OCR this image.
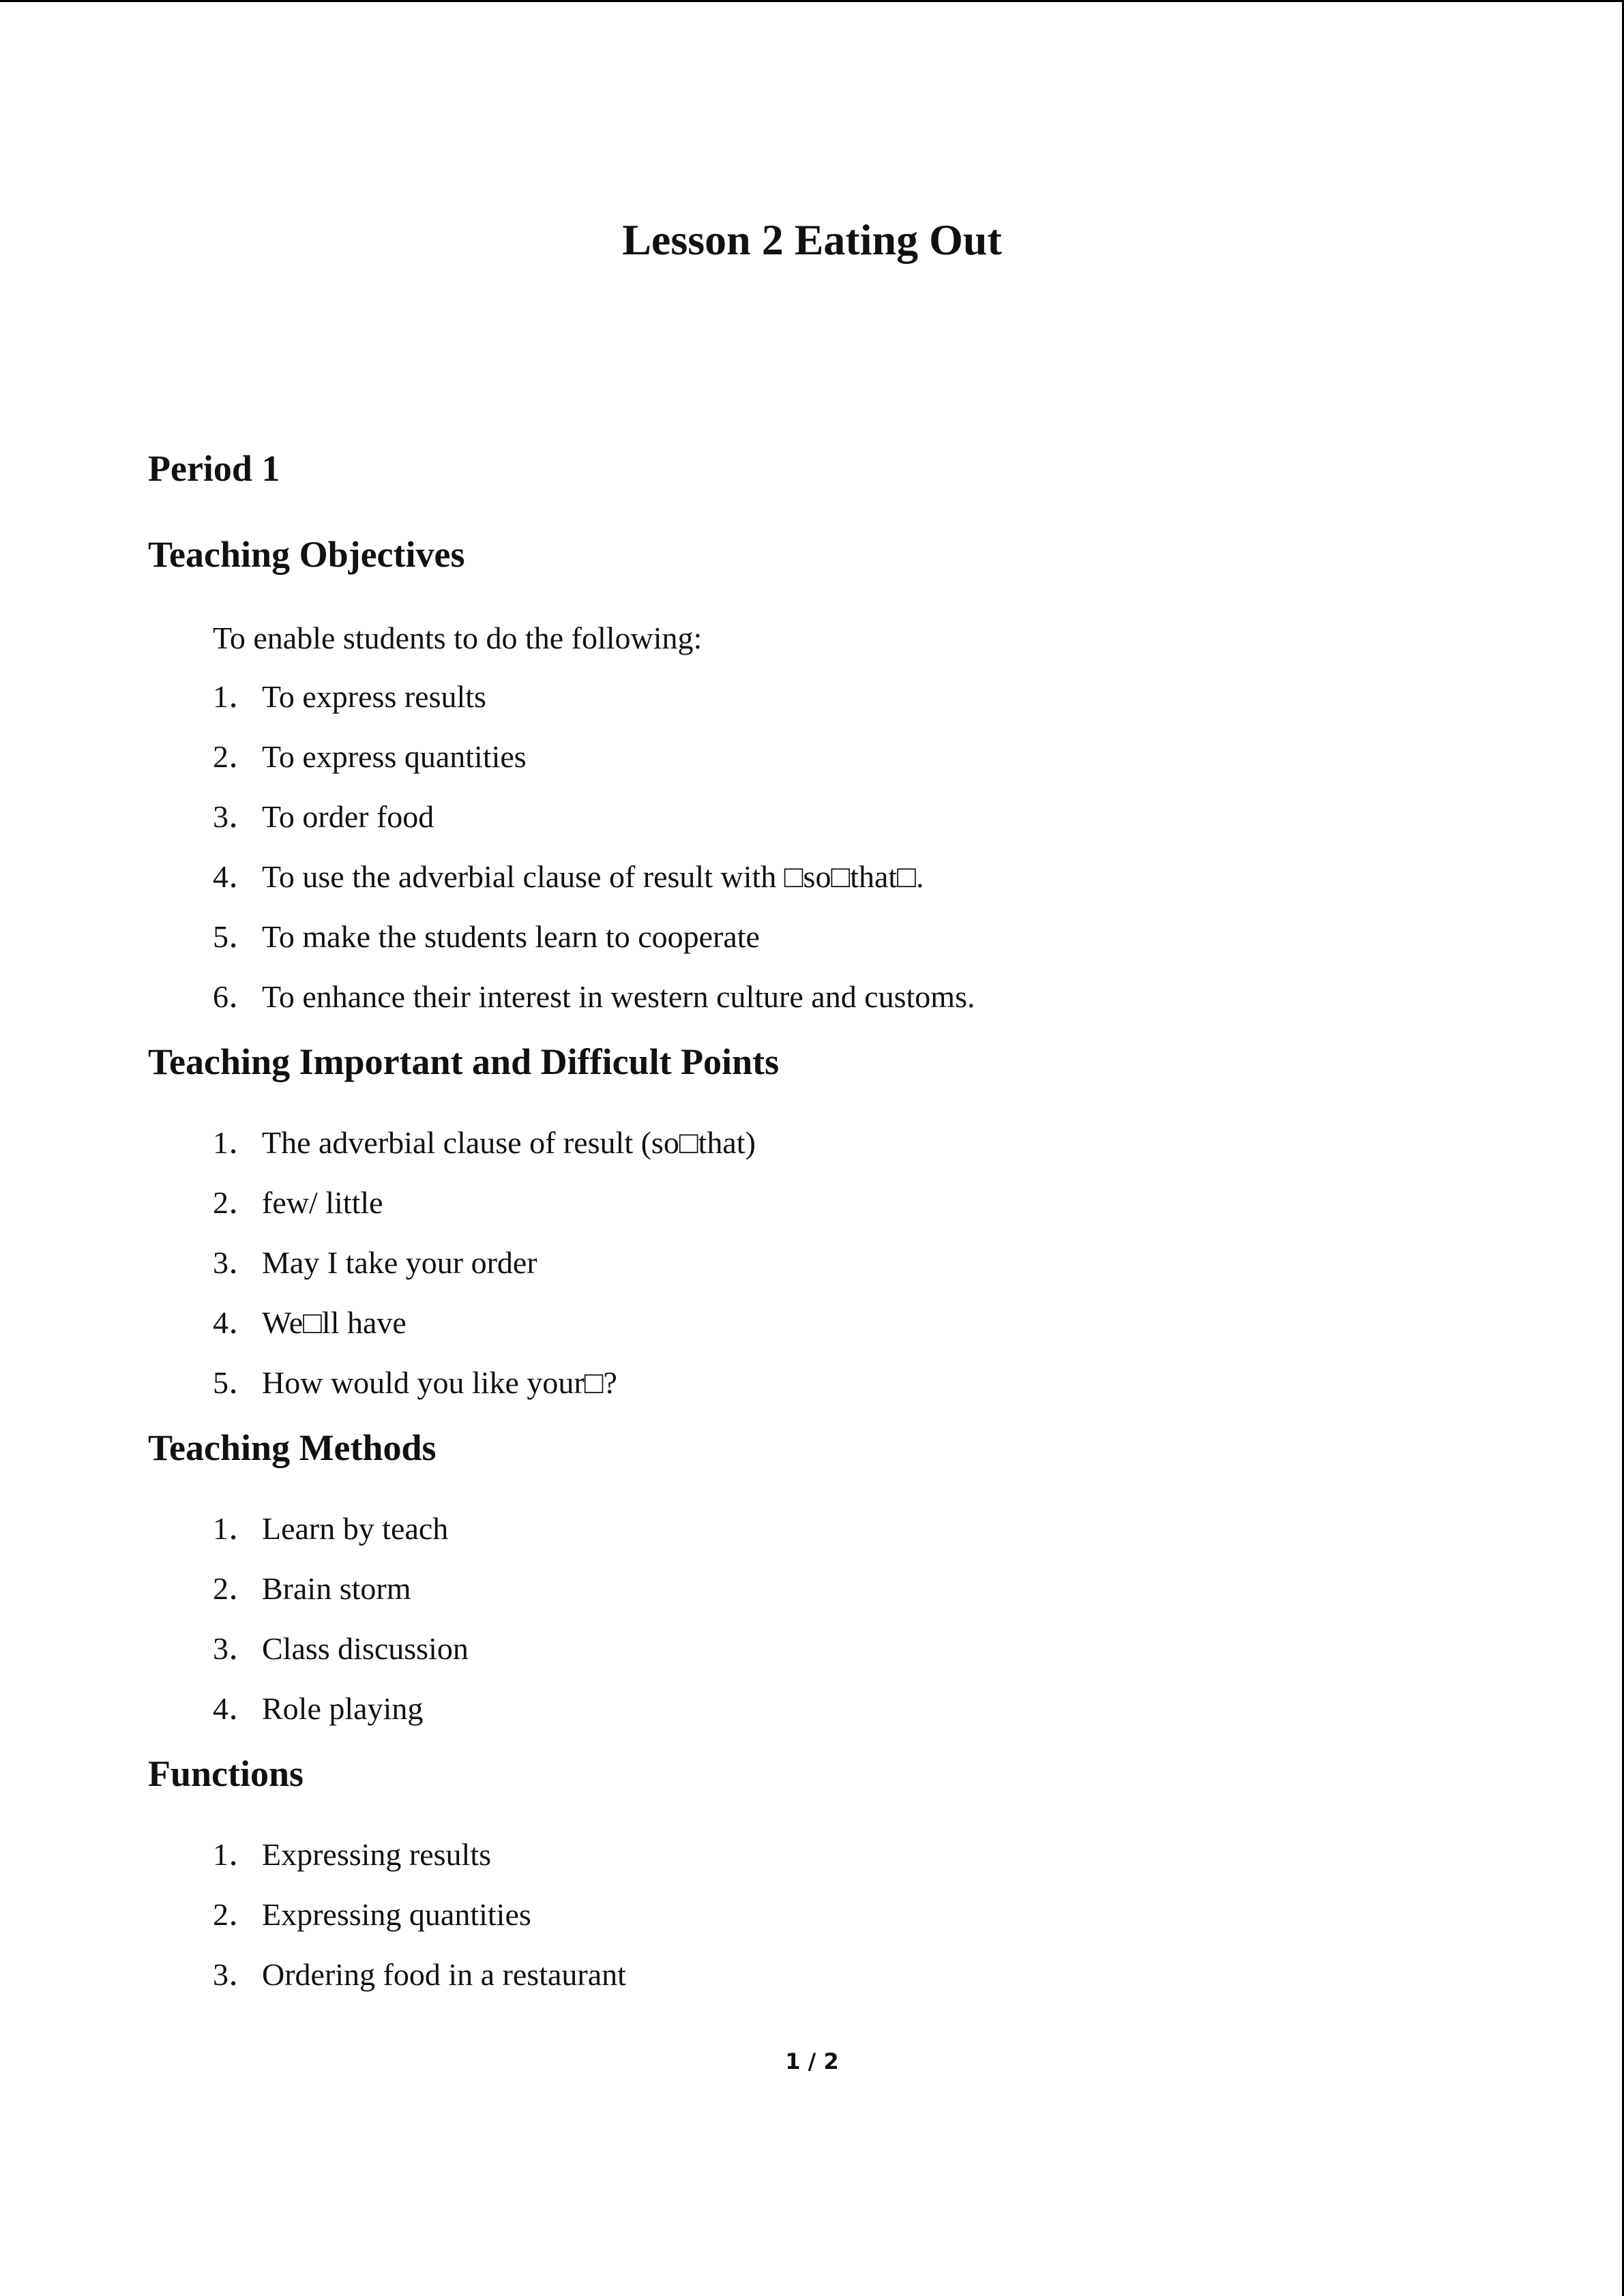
Lesson 2 Eating Out
Period 1
Teaching Objectives

To enable students to do the following:

1． To express results
2． To express quantities
3． To order food
4． To use the adverbial clause of result with □so□that□.
5． To make the students learn to cooperate
6． To enhance their interest in western culture and customs.
Teaching Important and Difficult Points
1． The adverbial clause of result (so□that)
2． few/ little
3． May I take your order
4． We□ll have
5． How would you like your□?
Teaching Methods
1． Learn by teach
2． Brain storm
3． Class discussion
4． Role playing
Functions
1． Expressing results
2． Expressing quantities
3． Ordering food in a restaurant
1 / 2
